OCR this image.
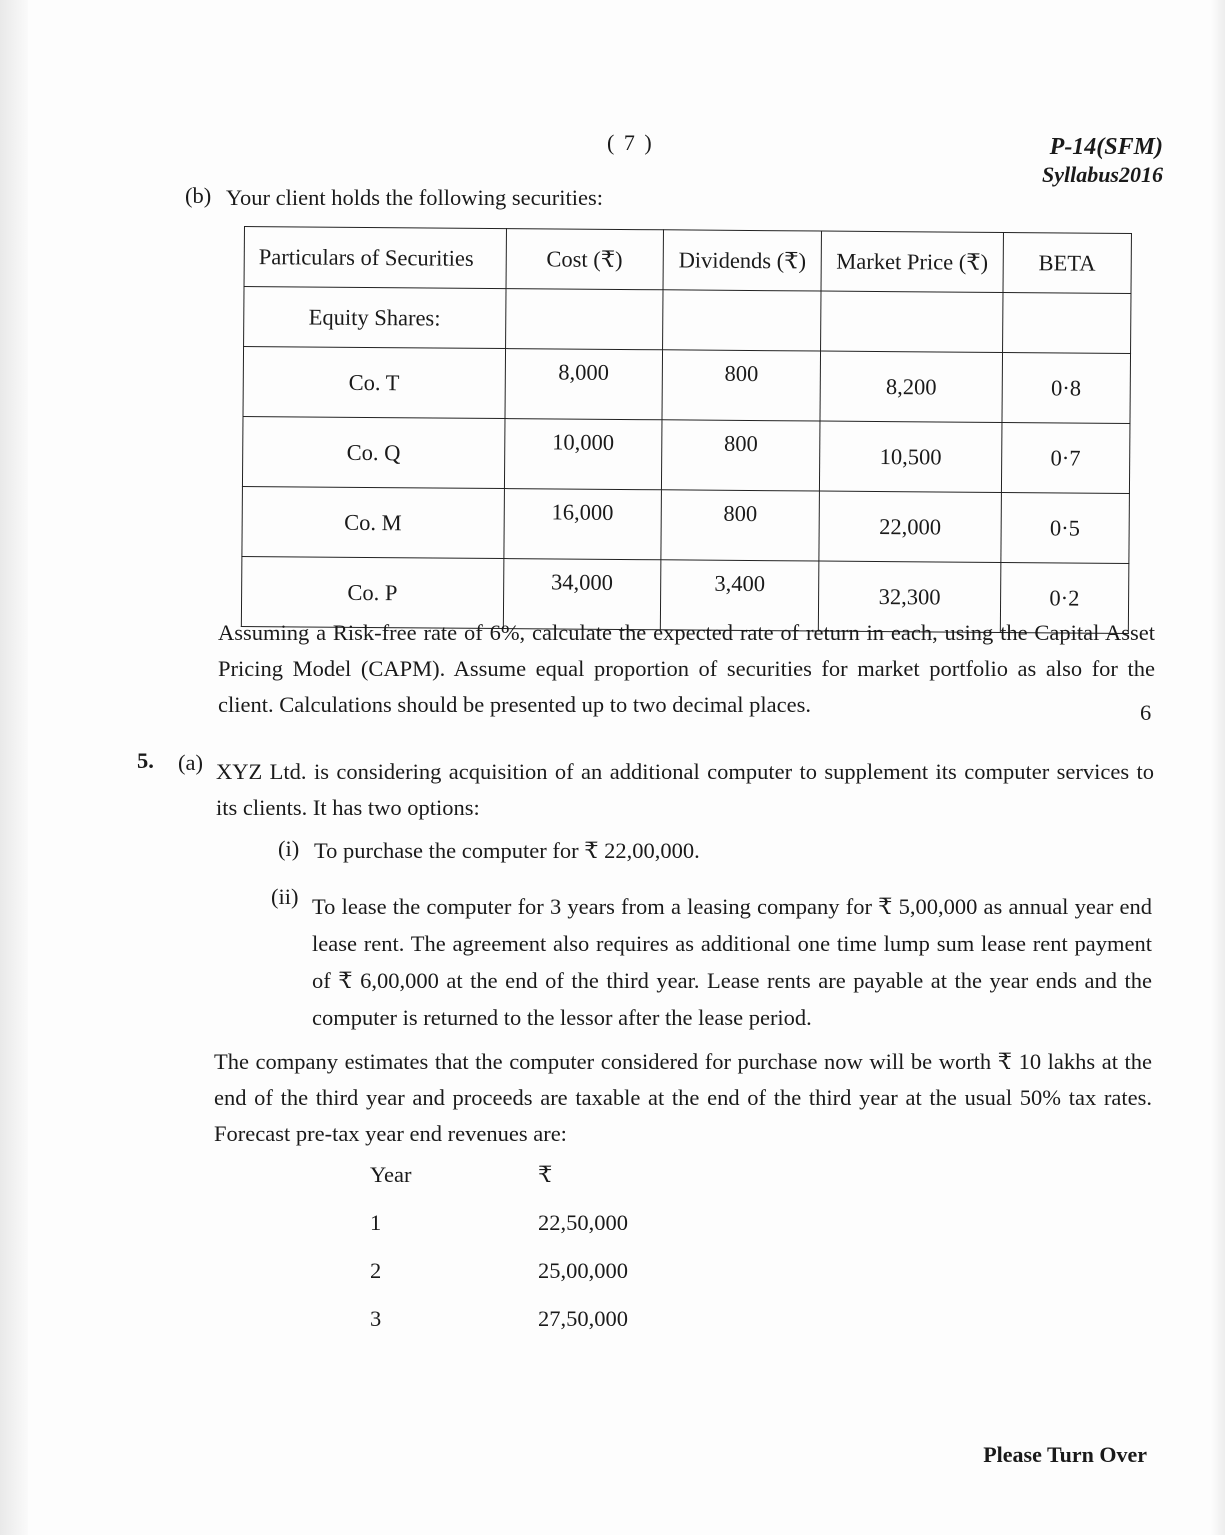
( 7 )	P-14(SFM)
Syllabus2016
(b) Your client holds the following securities:
Particulars of Securities	Cost (₹)	Dividends (₹)	Market Price (₹)	BETA
Equity Shares:				
Co. T	8,000	800	8,200	0·8
Co. Q	10,000	800	10,500	0·7
Co. M	16,000	800	22,000	0·5
Co. P	34,000	3,400	32,300	0·2
Assuming a Risk-free rate of 6%, calculate the expected rate of return in each, using the Capital Asset Pricing Model (CAPM). Assume equal proportion of securities for market portfolio as also for the client. Calculations should be presented up to two decimal places.	6
5. (a) XYZ Ltd. is considering acquisition of an additional computer to supplement its computer services to its clients. It has two options:
(i) To purchase the computer for ₹ 22,00,000.
(ii) To lease the computer for 3 years from a leasing company for ₹ 5,00,000 as annual year end lease rent. The agreement also requires as additional one time lump sum lease rent payment of ₹ 6,00,000 at the end of the third year. Lease rents are payable at the year ends and the computer is returned to the lessor after the lease period.
The company estimates that the computer considered for purchase now will be worth ₹ 10 lakhs at the end of the third year and proceeds are taxable at the end of the third year at the usual 50% tax rates. Forecast pre-tax year end revenues are:
Year	₹
1	22,50,000
2	25,00,000
3	27,50,000
Please Turn Over
